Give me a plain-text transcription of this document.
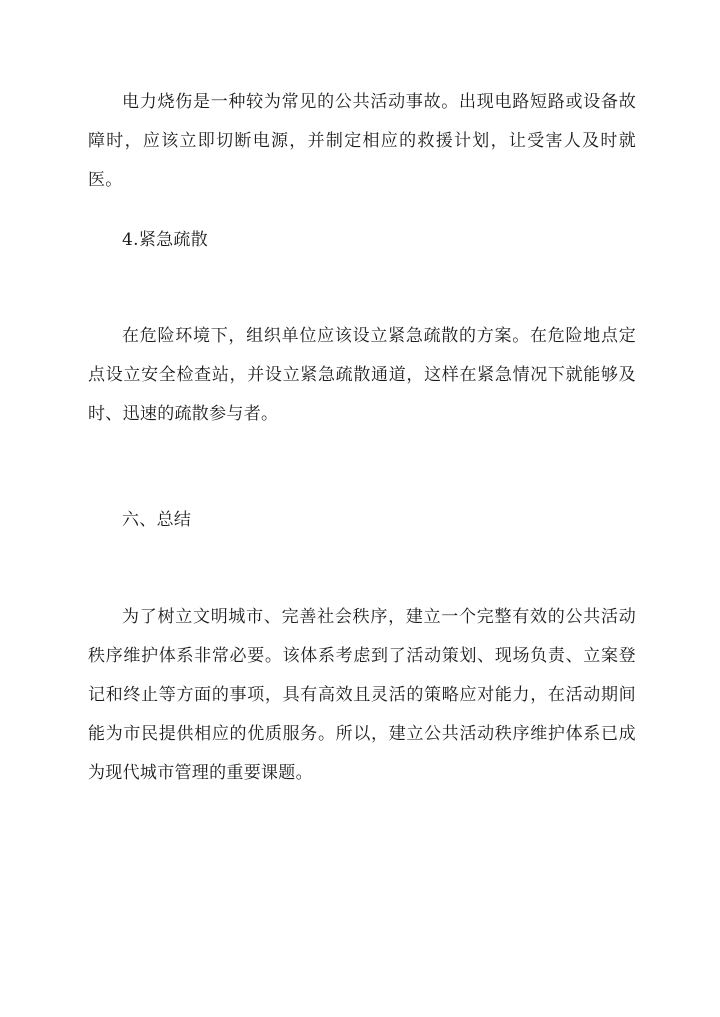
电力烧伤是一种较为常见的公共活动事故。出现电路短路或设备故障时，应该立即切断电源，并制定相应的救援计划，让受害人及时就医。

4.紧急疏散

在危险环境下，组织单位应该设立紧急疏散的方案。在危险地点定点设立安全检查站，并设立紧急疏散通道，这样在紧急情况下就能够及时、迅速的疏散参与者。

六、总结

为了树立文明城市、完善社会秩序，建立一个完整有效的公共活动秩序维护体系非常必要。该体系考虑到了活动策划、现场负责、立案登记和终止等方面的事项，具有高效且灵活的策略应对能力，在活动期间能为市民提供相应的优质服务。所以，建立公共活动秩序维护体系已成为现代城市管理的重要课题。
